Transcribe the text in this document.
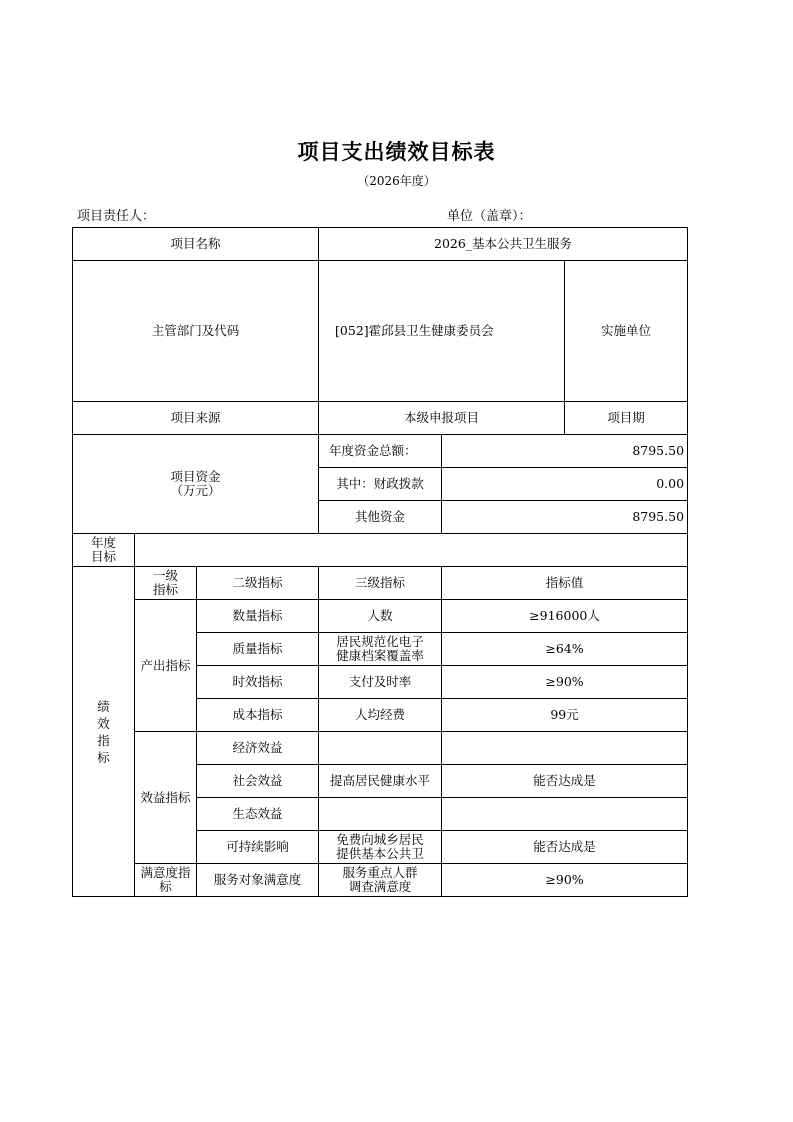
项目支出绩效目标表
（2026年度）
项目责任人：	单位（盖章）：
项目名称			2026_基本公共卫生服务			
主管部门及代码			[052]霍邱县卫生健康委员会		实施单位	
项目来源			本级申报项目		项目期	

项目资金
（万元）			年度资金总额：	8795.50		
			其中：财政拨款	0.00		
			其他资金	8795.50		

年度目标						

绩效指标	一级指标	二级指标	三级指标	指标值		
	产出指标	数量指标	人数	≥916000人		
		质量指标	居民规范化电子健康档案覆盖率	≥64%		
		时效指标	支付及时率	≥90%		
		成本指标	人均经费	99元		
	效益指标	经济效益				
		社会效益	提高居民健康水平	能否达成是		
		生态效益				
		可持续影响	免费向城乡居民提供基本公共卫	能否达成是		

	满意度指标	服务对象满意度	服务重点人群调查满意度	≥90%		
